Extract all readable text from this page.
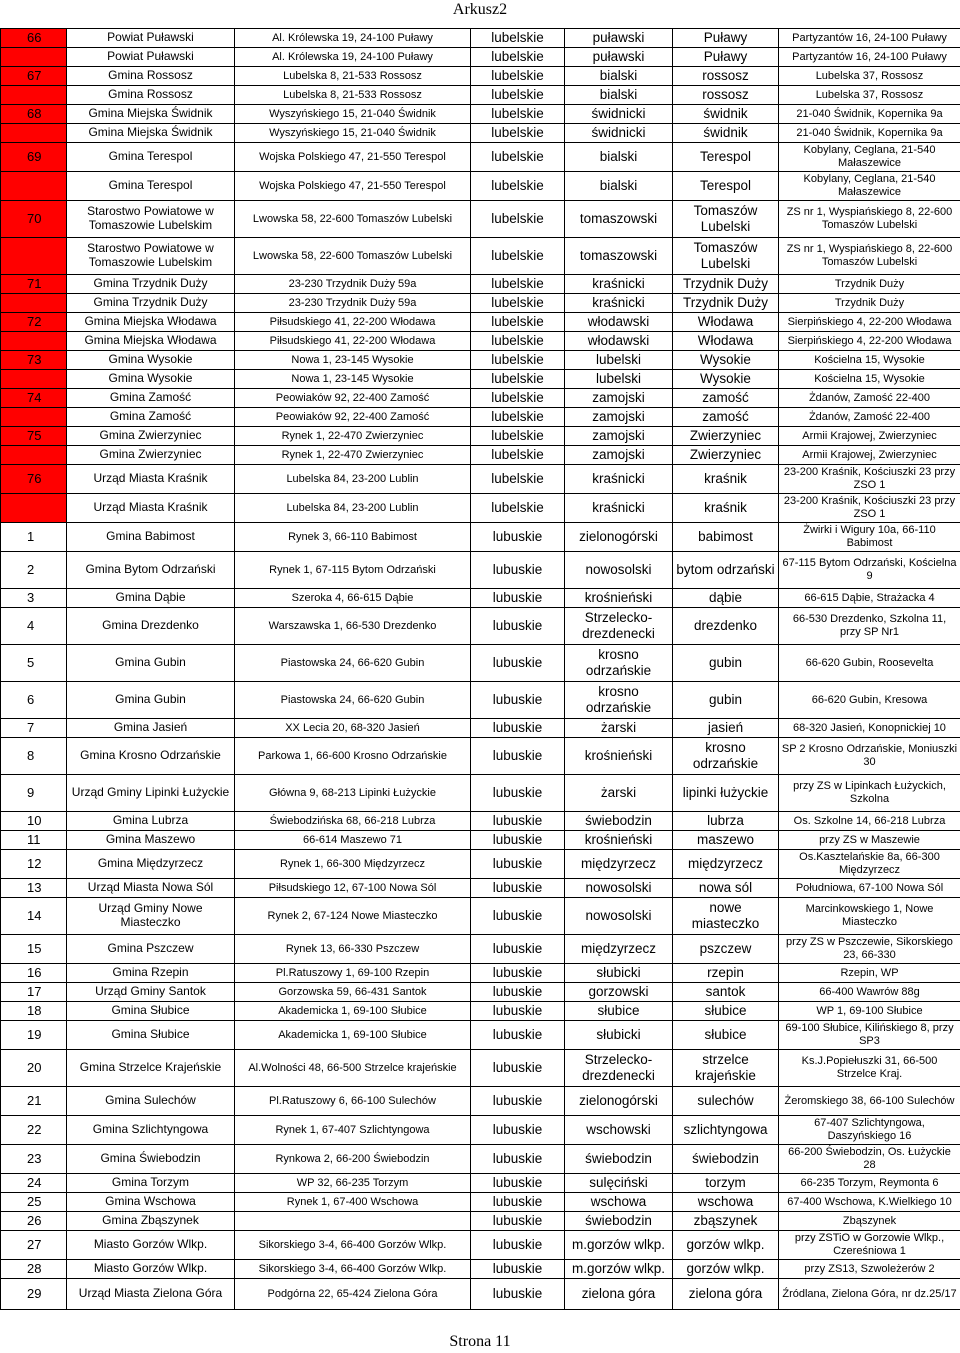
Arkusz2
66	Powiat Puławski	Al. Królewska 19, 24-100 Puławy	lubelskie	puławski	Puławy	Partyzantów 16, 24-100 Puławy
	Powiat Puławski	Al. Królewska 19, 24-100 Puławy	lubelskie	puławski	Puławy	Partyzantów 16, 24-100 Puławy
67	Gmina Rossosz	Lubelska 8, 21-533 Rossosz	lubelskie	bialski	rossosz	Lubelska 37, Rossosz
	Gmina Rossosz	Lubelska 8, 21-533 Rossosz	lubelskie	bialski	rossosz	Lubelska 37, Rossosz
68	Gmina Miejska Świdnik	Wyszyńskiego 15, 21-040 Świdnik	lubelskie	świdnicki	świdnik	21-040 Świdnik, Kopernika 9a
	Gmina Miejska Świdnik	Wyszyńskiego 15, 21-040 Świdnik	lubelskie	świdnicki	świdnik	21-040 Świdnik, Kopernika 9a
69	Gmina Terespol	Wojska Polskiego 47, 21-550 Terespol	lubelskie	bialski	Terespol	Kobylany, Ceglana, 21-540 Małaszewice
	Gmina Terespol	Wojska Polskiego 47, 21-550 Terespol	lubelskie	bialski	Terespol	Kobylany, Ceglana, 21-540 Małaszewice
70	Starostwo Powiatowe w Tomaszowie Lubelskim	Lwowska 58, 22-600 Tomaszów Lubelski	lubelskie	tomaszowski	Tomaszów Lubelski	ZS nr 1, Wyspiańskiego 8, 22-600 Tomaszów Lubelski
	Starostwo Powiatowe w Tomaszowie Lubelskim	Lwowska 58, 22-600 Tomaszów Lubelski	lubelskie	tomaszowski	Tomaszów Lubelski	ZS nr 1, Wyspiańskiego 8, 22-600 Tomaszów Lubelski
71	Gmina Trzydnik Duży	23-230 Trzydnik Duży 59a	lubelskie	kraśnicki	Trzydnik Duży	Trzydnik Duży
	Gmina Trzydnik Duży	23-230 Trzydnik Duży 59a	lubelskie	kraśnicki	Trzydnik Duży	Trzydnik Duży
72	Gmina Miejska Włodawa	Piłsudskiego 41, 22-200 Włodawa	lubelskie	włodawski	Włodawa	Sierpińskiego 4, 22-200 Włodawa
	Gmina Miejska Włodawa	Piłsudskiego 41, 22-200 Włodawa	lubelskie	włodawski	Włodawa	Sierpińskiego 4, 22-200 Włodawa
73	Gmina Wysokie	Nowa 1, 23-145 Wysokie	lubelskie	lubelski	Wysokie	Kościelna 15, Wysokie
	Gmina Wysokie	Nowa 1, 23-145 Wysokie	lubelskie	lubelski	Wysokie	Kościelna 15, Wysokie
74	Gmina Zamość	Peowiaków 92, 22-400 Zamość	lubelskie	zamojski	zamość	Żdanów, Zamość 22-400
	Gmina Zamość	Peowiaków 92, 22-400 Zamość	lubelskie	zamojski	zamość	Żdanów, Zamość 22-400
75	Gmina Zwierzyniec	Rynek 1, 22-470 Zwierzyniec	lubelskie	zamojski	Zwierzyniec	Armii Krajowej, Zwierzyniec
	Gmina Zwierzyniec	Rynek 1, 22-470 Zwierzyniec	lubelskie	zamojski	Zwierzyniec	Armii Krajowej, Zwierzyniec
76	Urząd Miasta Kraśnik	Lubelska 84, 23-200 Lublin	lubelskie	kraśnicki	kraśnik	23-200 Kraśnik, Kościuszki 23 przy ZSO 1
	Urząd Miasta Kraśnik	Lubelska 84, 23-200 Lublin	lubelskie	kraśnicki	kraśnik	23-200 Kraśnik, Kościuszki 23 przy ZSO 1
1	Gmina Babimost	Rynek 3, 66-110 Babimost	lubuskie	zielonogórski	babimost	Żwirki i Wigury 10a, 66-110 Babimost
2	Gmina Bytom Odrzański	Rynek 1, 67-115 Bytom Odrzański	lubuskie	nowosolski	bytom odrzański	67-115 Bytom Odrzański, Kościelna 9
3	Gmina Dąbie	Szeroka 4, 66-615 Dąbie	lubuskie	krośnieński	dąbie	66-615 Dąbie, Strażacka 4
4	Gmina Drezdenko	Warszawska 1, 66-530 Drezdenko	lubuskie	Strzelecko-drezdenecki	drezdenko	66-530 Drezdenko, Szkolna 11, przy SP Nr1
5	Gmina Gubin	Piastowska 24, 66-620 Gubin	lubuskie	krosno odrzańskie	gubin	66-620 Gubin, Roosevelta
6	Gmina Gubin	Piastowska 24, 66-620 Gubin	lubuskie	krosno odrzańskie	gubin	66-620 Gubin, Kresowa
7	Gmina Jasień	XX Lecia 20, 68-320 Jasień	lubuskie	żarski	jasień	68-320 Jasień, Konopnickiej 10
8	Gmina Krosno Odrzańskie	Parkowa 1, 66-600 Krosno Odrzańskie	lubuskie	krośnieński	krosno odrzańskie	SP 2 Krosno Odrzańskie, Moniuszki 30
9	Urząd Gminy Lipinki Łużyckie	Główna 9, 68-213 Lipinki Łużyckie	lubuskie	żarski	lipinki łużyckie	przy ZS w Lipinkach Łużyckich, Szkolna
10	Gmina Lubrza	Świebodzińska 68, 66-218 Lubrza	lubuskie	świebodzin	lubrza	Os. Szkolne 14, 66-218 Lubrza
11	Gmina Maszewo	66-614 Maszewo 71	lubuskie	krośnieński	maszewo	przy ZS w Maszewie
12	Gmina Międzyrzecz	Rynek 1, 66-300 Międzyrzecz	lubuskie	międzyrzecz	międzyrzecz	Os.Kasztelańskie 8a, 66-300 Międzyrzecz
13	Urząd Miasta Nowa Sól	Piłsudskiego 12, 67-100 Nowa Sól	lubuskie	nowosolski	nowa sól	Południowa, 67-100 Nowa Sól
14	Urząd Gminy Nowe Miasteczko	Rynek 2, 67-124 Nowe Miasteczko	lubuskie	nowosolski	nowe miasteczko	Marcinkowskiego 1, Nowe Miasteczko
15	Gmina Pszczew	Rynek 13, 66-330 Pszczew	lubuskie	międzyrzecz	pszczew	przy ZS w Pszczewie, Sikorskiego 23, 66-330
16	Gmina Rzepin	Pl.Ratuszowy 1, 69-100 Rzepin	lubuskie	słubicki	rzepin	Rzepin, WP
17	Urząd Gminy Santok	Gorzowska 59, 66-431 Santok	lubuskie	gorzowski	santok	66-400 Wawrów 88g
18	Gmina Słubice	Akademicka 1, 69-100 Słubice	lubuskie	słubice	słubice	WP 1, 69-100 Słubice
19	Gmina Słubice	Akademicka 1, 69-100 Słubice	lubuskie	słubicki	słubice	69-100 Słubice, Kilińskiego 8, przy SP3
20	Gmina Strzelce Krajeńskie	Al.Wolności 48, 66-500 Strzelce krajeńskie	lubuskie	Strzelecko-drezdenecki	strzelce krajeńskie	Ks.J.Popiełuszki 31, 66-500 Strzelce Kraj.
21	Gmina Sulechów	Pl.Ratuszowy 6, 66-100 Sulechów	lubuskie	zielonogórski	sulechów	Żeromskiego 38, 66-100 Sulechów
22	Gmina Szlichtyngowa	Rynek 1, 67-407 Szlichtyngowa	lubuskie	wschowski	szlichtyngowa	67-407 Szlichtyngowa, Daszyńskiego 16
23	Gmina Świebodzin	Rynkowa 2, 66-200 Świebodzin	lubuskie	świebodzin	świebodzin	66-200 Świebodzin, Os. Łużyckie 28
24	Gmina Torzym	WP 32, 66-235 Torzym	lubuskie	sulęciński	torzym	66-235 Torzym, Reymonta 6
25	Gmina Wschowa	Rynek 1, 67-400 Wschowa	lubuskie	wschowa	wschowa	67-400 Wschowa, K.Wielkiego 10
26	Gmina Zbąszynek		lubuskie	świebodzin	zbąszynek	Zbąszynek
27	Miasto Gorzów Wlkp.	Sikorskiego 3-4, 66-400 Gorzów Wlkp.	lubuskie	m.gorzów wlkp.	gorzów wlkp.	przy ZSTiO w Gorzowie Wlkp., Czereśniowa 1
28	Miasto Gorzów Wlkp.	Sikorskiego 3-4, 66-400 Gorzów Wlkp.	lubuskie	m.gorzów wlkp.	gorzów wlkp.	przy ZS13, Szwoleżerów 2
29	Urząd Miasta Zielona Góra	Podgórna 22, 65-424 Zielona Góra	lubuskie	zielona góra	zielona góra	Źródlana, Zielona Góra, nr dz.25/17
Strona 11
